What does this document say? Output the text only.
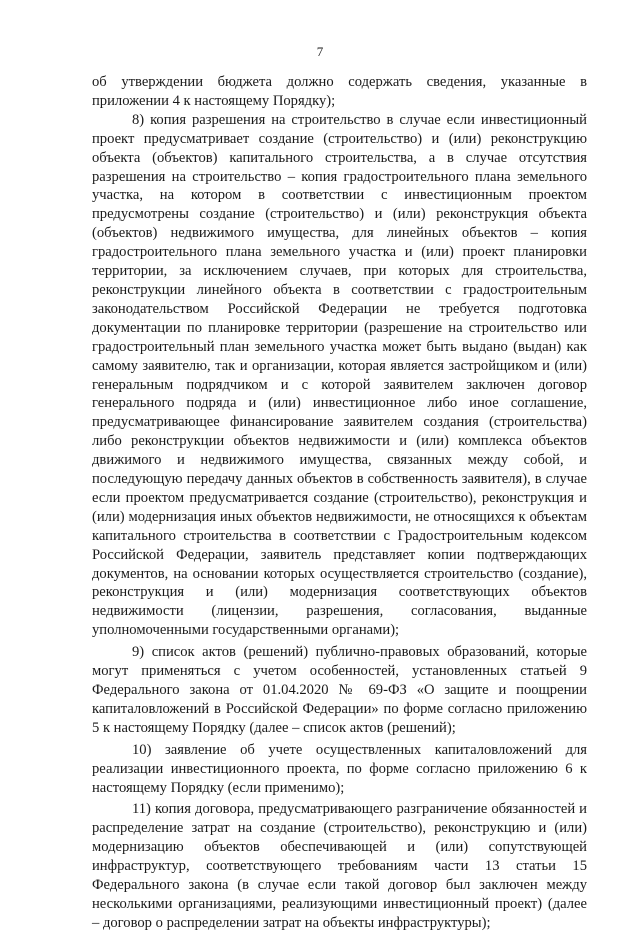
7

об утверждении бюджета должно содержать сведения, указанные в приложении 4 к настоящему Порядку);

8) копия разрешения на строительство в случае если инвестиционный проект предусматривает создание (строительство) и (или) реконструкцию объекта (объектов) капитального строительства, а в случае отсутствия разрешения на строительство – копия градостроительного плана земельного участка, на котором в соответствии с инвестиционным проектом предусмотрены создание (строительство) и (или) реконструкция объекта (объектов) недвижимого имущества, для линейных объектов – копия градостроительного плана земельного участка и (или) проект планировки территории, за исключением случаев, при которых для строительства, реконструкции линейного объекта в соответствии с градостроительным законодательством Российской Федерации не требуется подготовка документации по планировке территории (разрешение на строительство или градостроительный план земельного участка может быть выдано (выдан) как самому заявителю, так и организации, которая является застройщиком и (или) генеральным подрядчиком и с которой заявителем заключен договор генерального подряда и (или) инвестиционное либо иное соглашение, предусматривающее финансирование заявителем создания (строительства) либо реконструкции объектов недвижимости и (или) комплекса объектов движимого и недвижимого имущества, связанных между собой, и последующую передачу данных объектов в собственность заявителя), в случае если проектом предусматривается создание (строительство), реконструкция и (или) модернизация иных объектов недвижимости, не относящихся к объектам капитального строительства в соответствии с Градостроительным кодексом Российской Федерации, заявитель представляет копии подтверждающих документов, на основании которых осуществляется строительство (создание), реконструкция и (или) модернизация соответствующих объектов недвижимости (лицензии, разрешения, согласования, выданные уполномоченными государственными органами);

9) список актов (решений) публично-правовых образований, которые могут применяться с учетом особенностей, установленных статьей 9 Федерального закона от 01.04.2020 № 69-ФЗ «О защите и поощрении капиталовложений в Российской Федерации» по форме согласно приложению 5 к настоящему Порядку (далее – список актов (решений);

10) заявление об учете осуществленных капиталовложений для реализации инвестиционного проекта, по форме согласно приложению 6 к настоящему Порядку (если применимо);

11) копия договора, предусматривающего разграничение обязанностей и распределение затрат на создание (строительство), реконструкцию и (или) модернизацию объектов обеспечивающей и (или) сопутствующей инфраструктур, соответствующего требованиям части 13 статьи 15 Федерального закона (в случае если такой договор был заключен между несколькими организациями, реализующими инвестиционный проект) (далее – договор о распределении затрат на объекты инфраструктуры);
